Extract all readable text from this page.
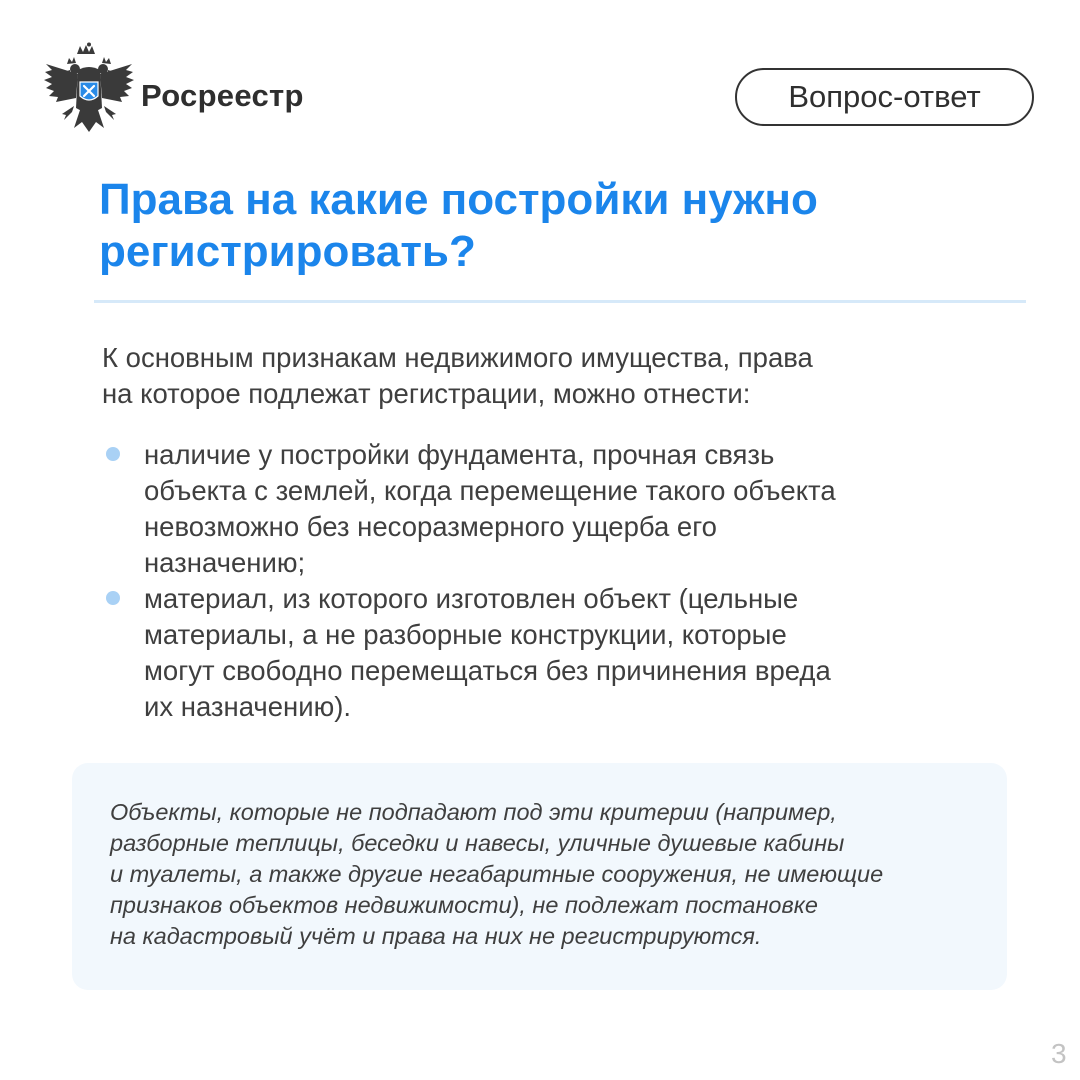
Росреестр	Вопрос-ответ
Права на какие постройки нужно
регистрировать?

К основным признакам недвижимого имущества, права
на которое подлежат регистрации, можно отнести:

наличие у постройки фундамента, прочная связь
объекта с землей, когда перемещение такого объекта
невозможно без несоразмерного ущерба его
назначению;
материал, из которого изготовлен объект (цельные
материалы, а не разборные конструкции, которые
могут свободно перемещаться без причинения вреда
их назначению).

Объекты, которые не подпадают под эти критерии (например,
разборные теплицы, беседки и навесы, уличные душевые кабины
и туалеты, а также другие негабаритные сооружения, не имеющие
признаков объектов недвижимости), не подлежат постановке
на кадастровый учёт и права на них не регистрируются.

3
